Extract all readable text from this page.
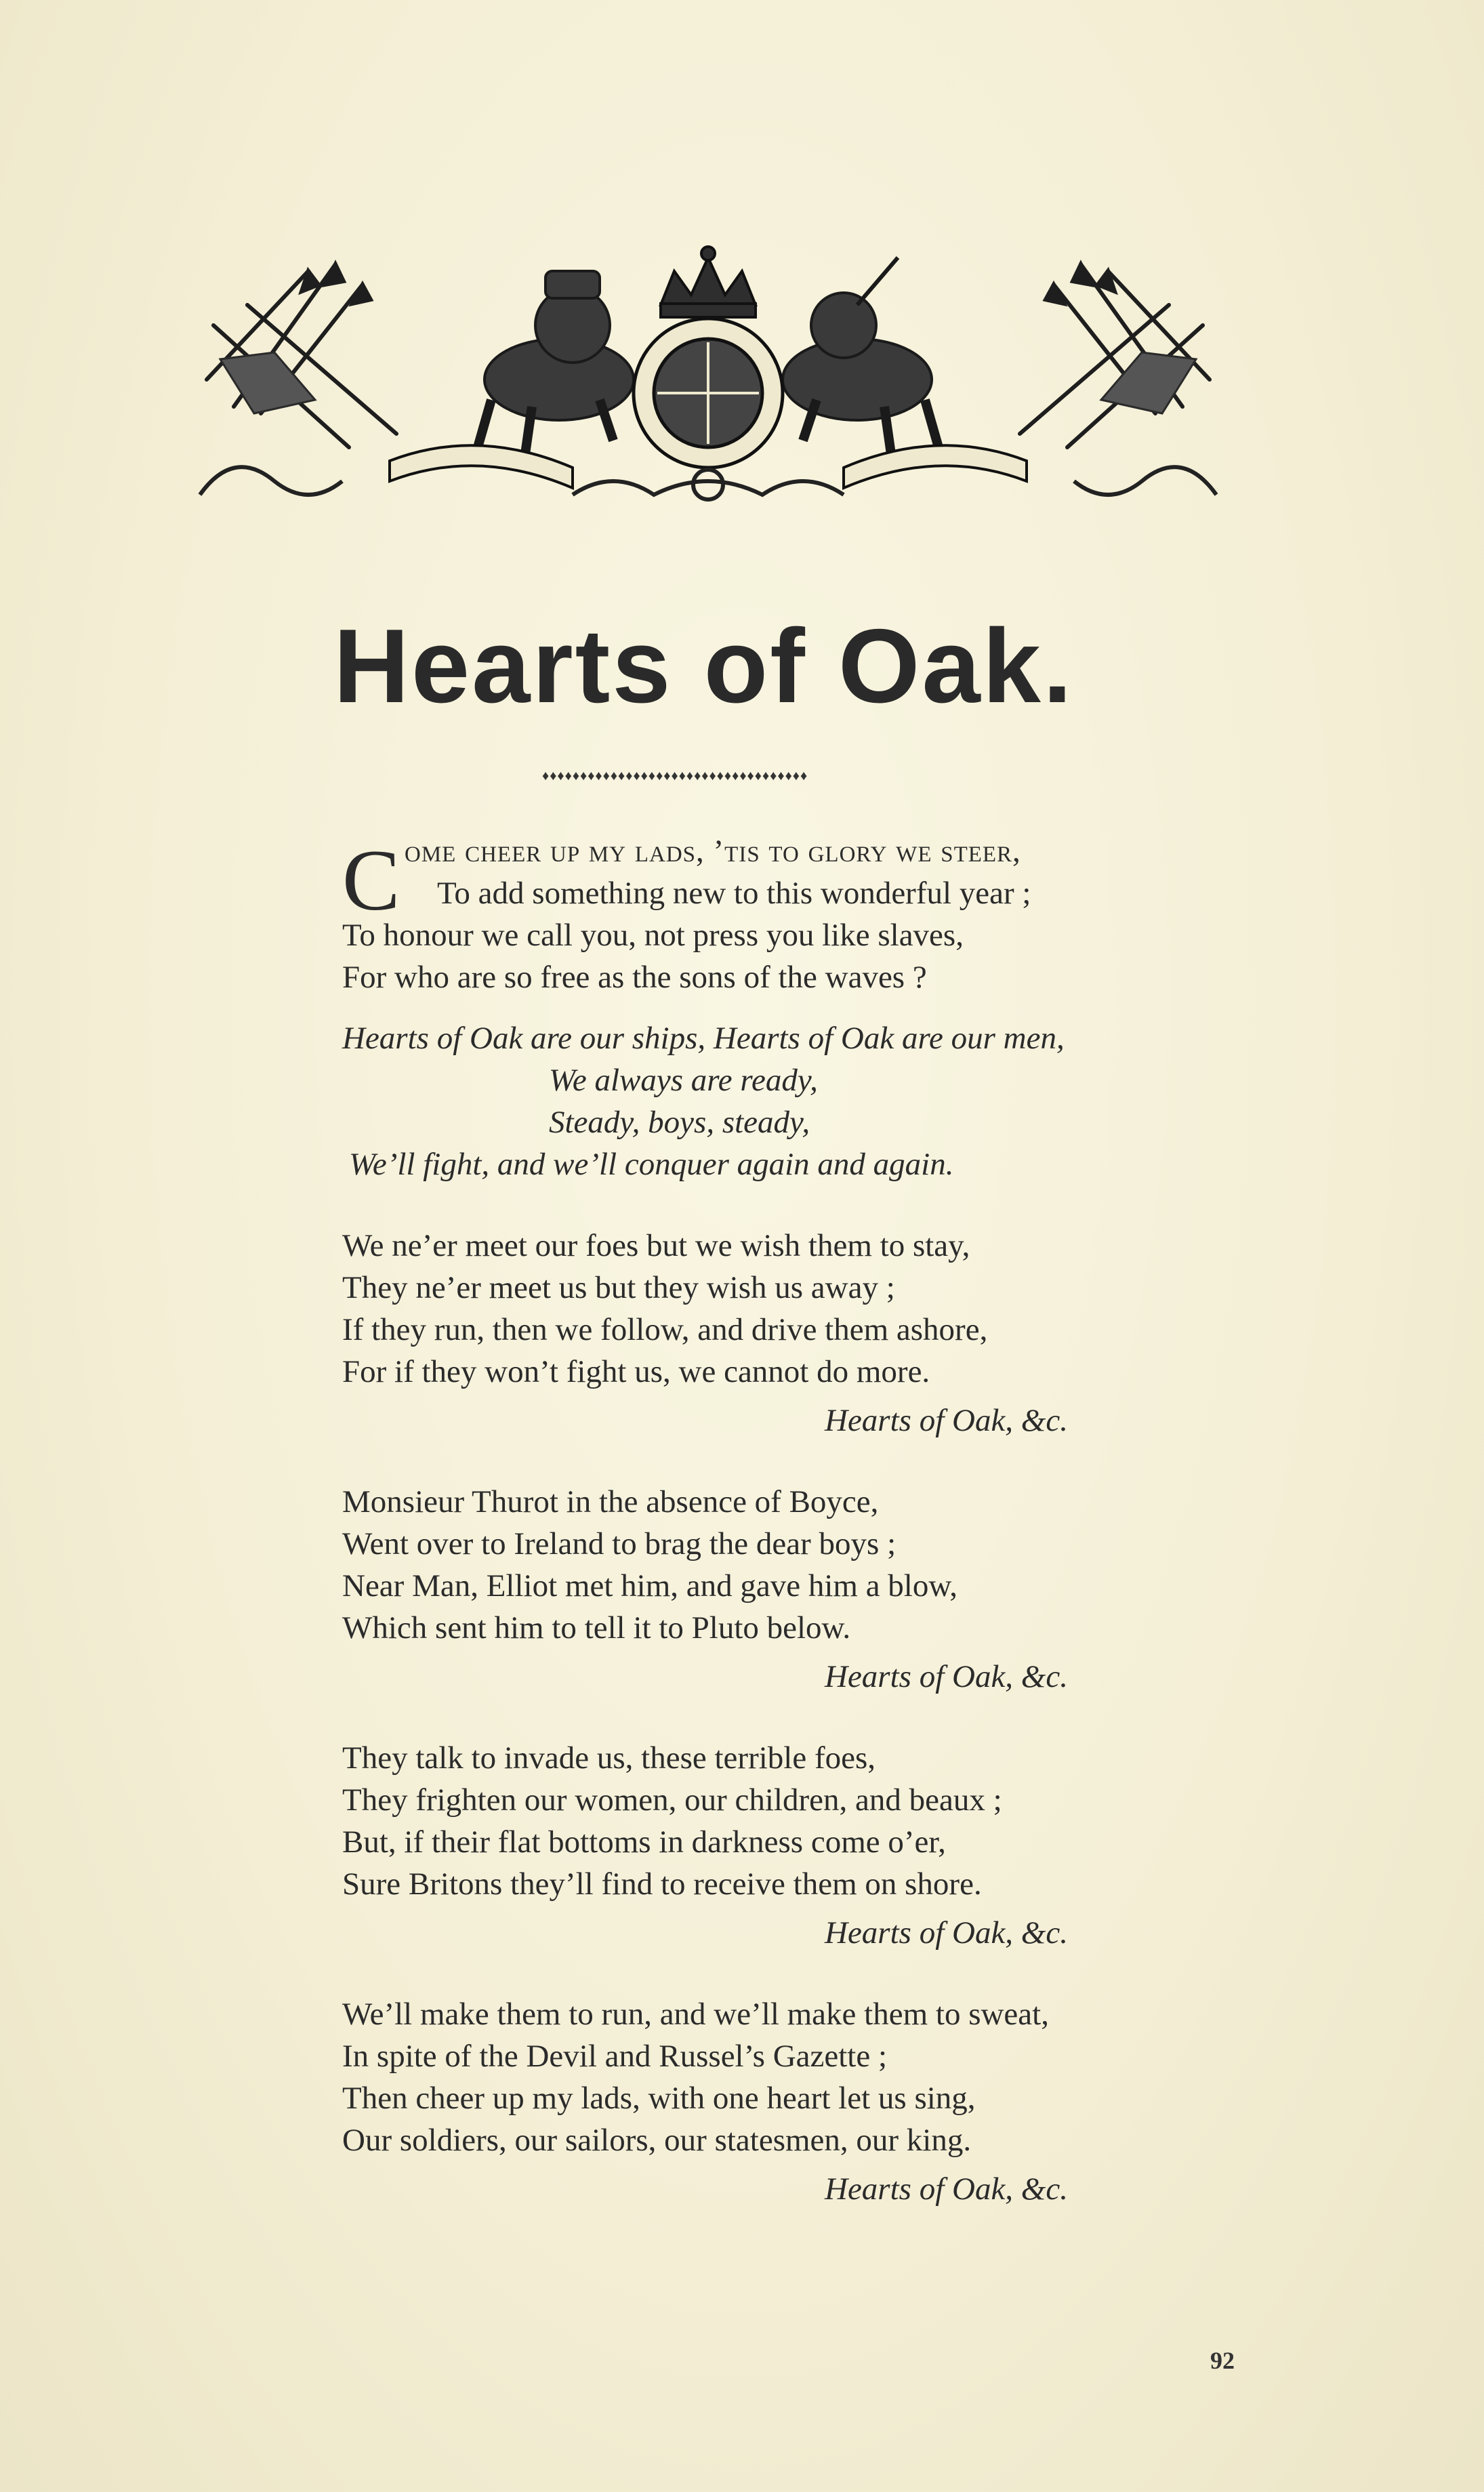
Hearts of Oak.
♦♦♦♦♦♦♦♦♦♦♦♦♦♦♦♦♦♦♦♦♦♦♦♦♦♦♦♦♦♦♦♦♦♦♦
C ome cheer up my lads, ’tis to glory we steer,
To add something new to this wonderful year ;
To honour we call you, not press you like slaves,
For who are so free as the sons of the waves ?
Hearts of Oak are our ships, Hearts of Oak are our men,
We always are ready,
Steady, boys, steady,
We’ll fight, and we’ll conquer again and again.
We ne’er meet our foes but we wish them to stay,
They ne’er meet us but they wish us away ;
If they run, then we follow, and drive them ashore,
For if they won’t fight us, we cannot do more.
Hearts of Oak, &c.
Monsieur Thurot in the absence of Boyce,
Went over to Ireland to brag the dear boys ;
Near Man, Elliot met him, and gave him a blow,
Which sent him to tell it to Pluto below.
Hearts of Oak, &c.
They talk to invade us, these terrible foes,
They frighten our women, our children, and beaux ;
But, if their flat bottoms in darkness come o’er,
Sure Britons they’ll find to receive them on shore.
Hearts of Oak, &c.
We’ll make them to run, and we’ll make them to sweat,
In spite of the Devil and Russel’s Gazette ;
Then cheer up my lads, with one heart let us sing,
Our soldiers, our sailors, our statesmen, our king.
Hearts of Oak, &c.
92
